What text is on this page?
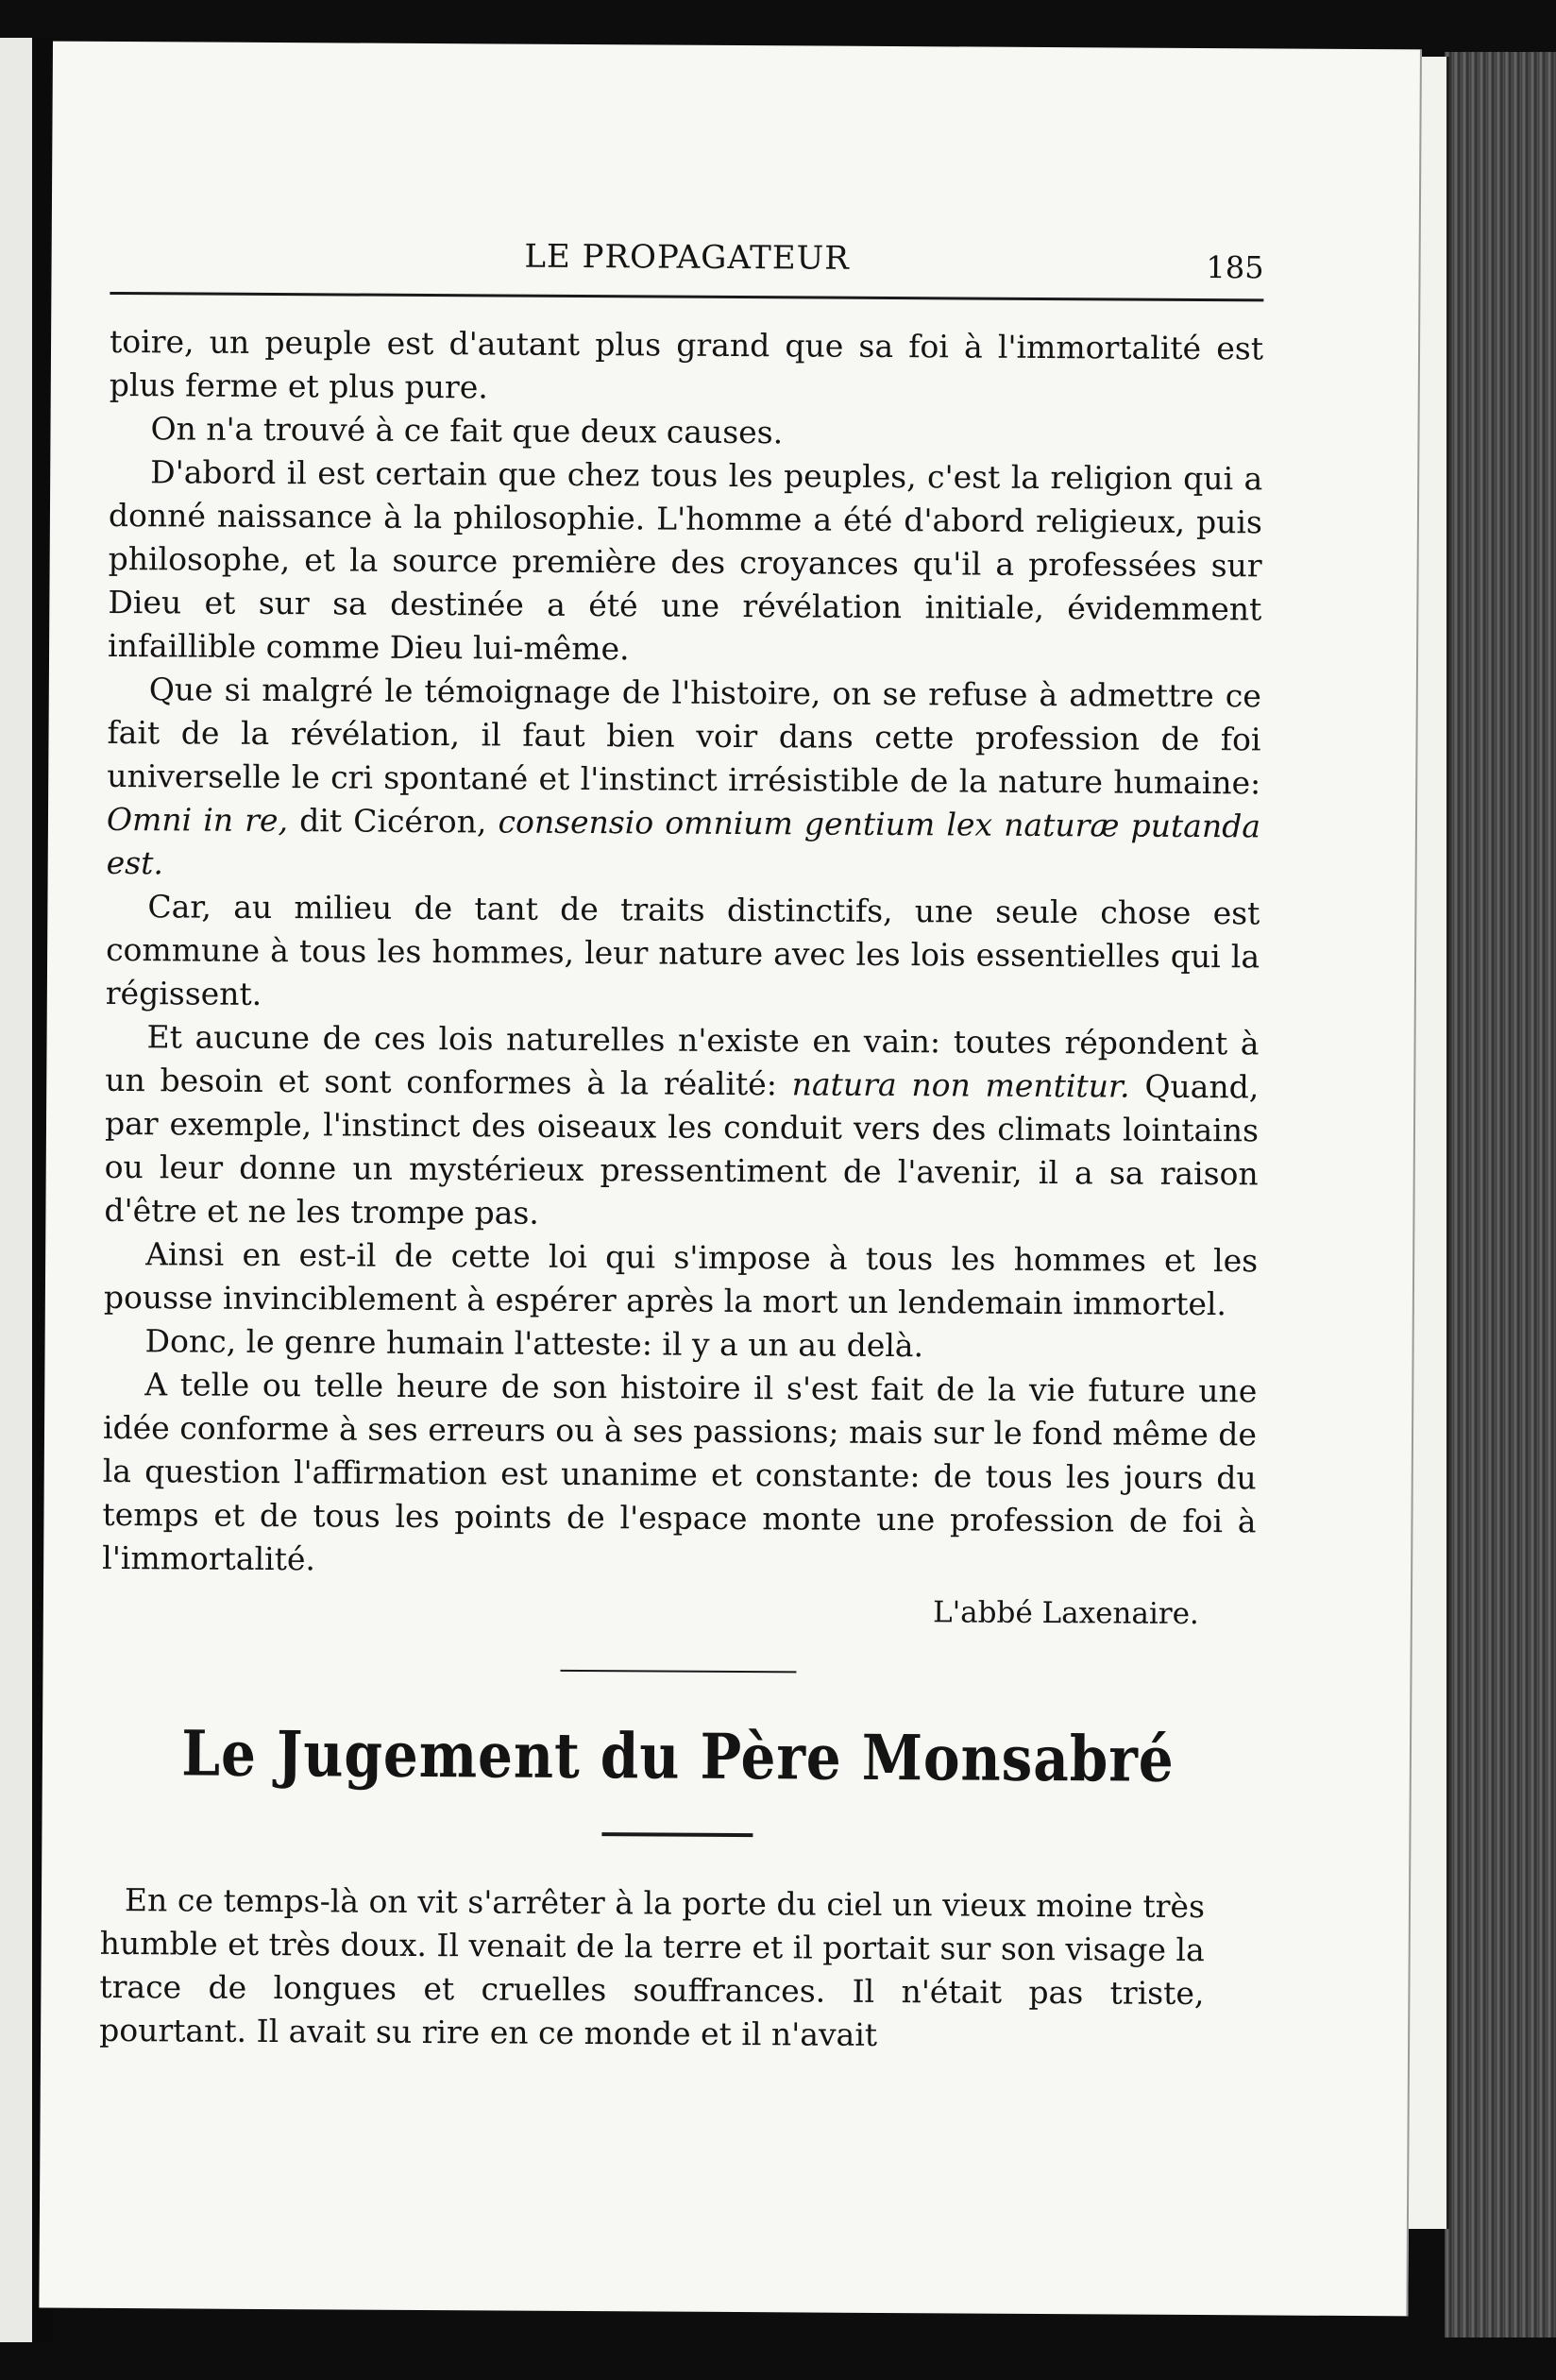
LE PROPAGATEUR	185

toire, un peuple est d'autant plus grand que sa foi à l'immortalité est plus ferme et plus pure.

On n'a trouvé à ce fait que deux causes.

D'abord il est certain que chez tous les peuples, c'est la religion qui a donné naissance à la philosophie. L'homme a été d'abord religieux, puis philosophe, et la source première des croyances qu'il a professées sur Dieu et sur sa destinée a été une révélation initiale, évidemment infaillible comme Dieu lui-même.

Que si malgré le témoignage de l'histoire, on se refuse à admettre ce fait de la révélation, il faut bien voir dans cette profession de foi universelle le cri spontané et l'instinct irrésistible de la nature humaine: Omni in re, dit Cicéron, consensio omnium gentium lex naturæ putanda est.

Car, au milieu de tant de traits distinctifs, une seule chose est commune à tous les hommes, leur nature avec les lois essentielles qui la régissent.

Et aucune de ces lois naturelles n'existe en vain: toutes répondent à un besoin et sont conformes à la réalité: natura non mentitur. Quand, par exemple, l'instinct des oiseaux les conduit vers des climats lointains ou leur donne un mystérieux pressentiment de l'avenir, il a sa raison d'être et ne les trompe pas.

Ainsi en est-il de cette loi qui s'impose à tous les hommes et les pousse invinciblement à espérer après la mort un lendemain immortel.

Donc, le genre humain l'atteste: il y a un au delà.

A telle ou telle heure de son histoire il s'est fait de la vie future une idée conforme à ses erreurs ou à ses passions; mais sur le fond même de la question l'affirmation est unanime et constante: de tous les jours du temps et de tous les points de l'espace monte une profession de foi à l'immortalité.

L'abbé Laxenaire.
Le Jugement du Père Monsabré

En ce temps-là on vit s'arrêter à la porte du ciel un vieux moine très humble et très doux. Il venait de la terre et il portait sur son visage la trace de longues et cruelles souffrances. Il n'était pas triste, pourtant. Il avait su rire en ce monde et il n'avait
